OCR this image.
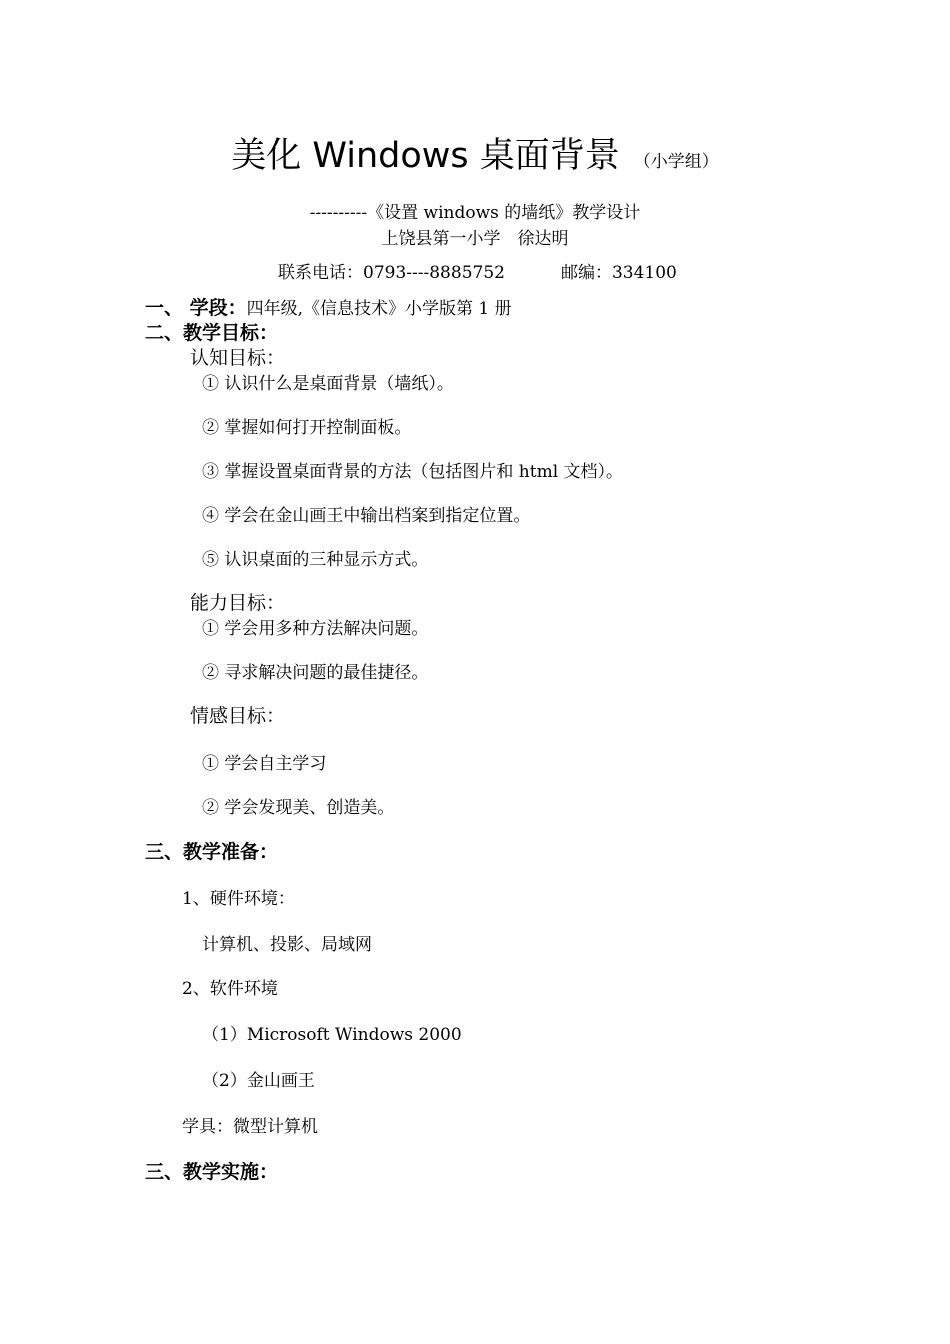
美化 Windows 桌面背景 （小学组）
----------《设置 windows 的墙纸》教学设计
上饶县第一小学　徐达明
联系电话：0793----8885752	邮编：334100
一、 学段：四年级,《信息技术》小学版第 1 册
二、教学目标：
认知目标：
① 认识什么是桌面背景（墙纸）。
② 掌握如何打开控制面板。
③ 掌握设置桌面背景的方法（包括图片和 html 文档）。
④ 学会在金山画王中输出档案到指定位置。
⑤ 认识桌面的三种显示方式。
能力目标：
① 学会用多种方法解决问题。
② 寻求解决问题的最佳捷径。
情感目标：
① 学会自主学习
② 学会发现美、创造美。
三、教学准备：
1、硬件环境：
计算机、投影、局域网
2、软件环境
（1）Microsoft Windows 2000
（2）金山画王
学具：微型计算机
三、教学实施：
